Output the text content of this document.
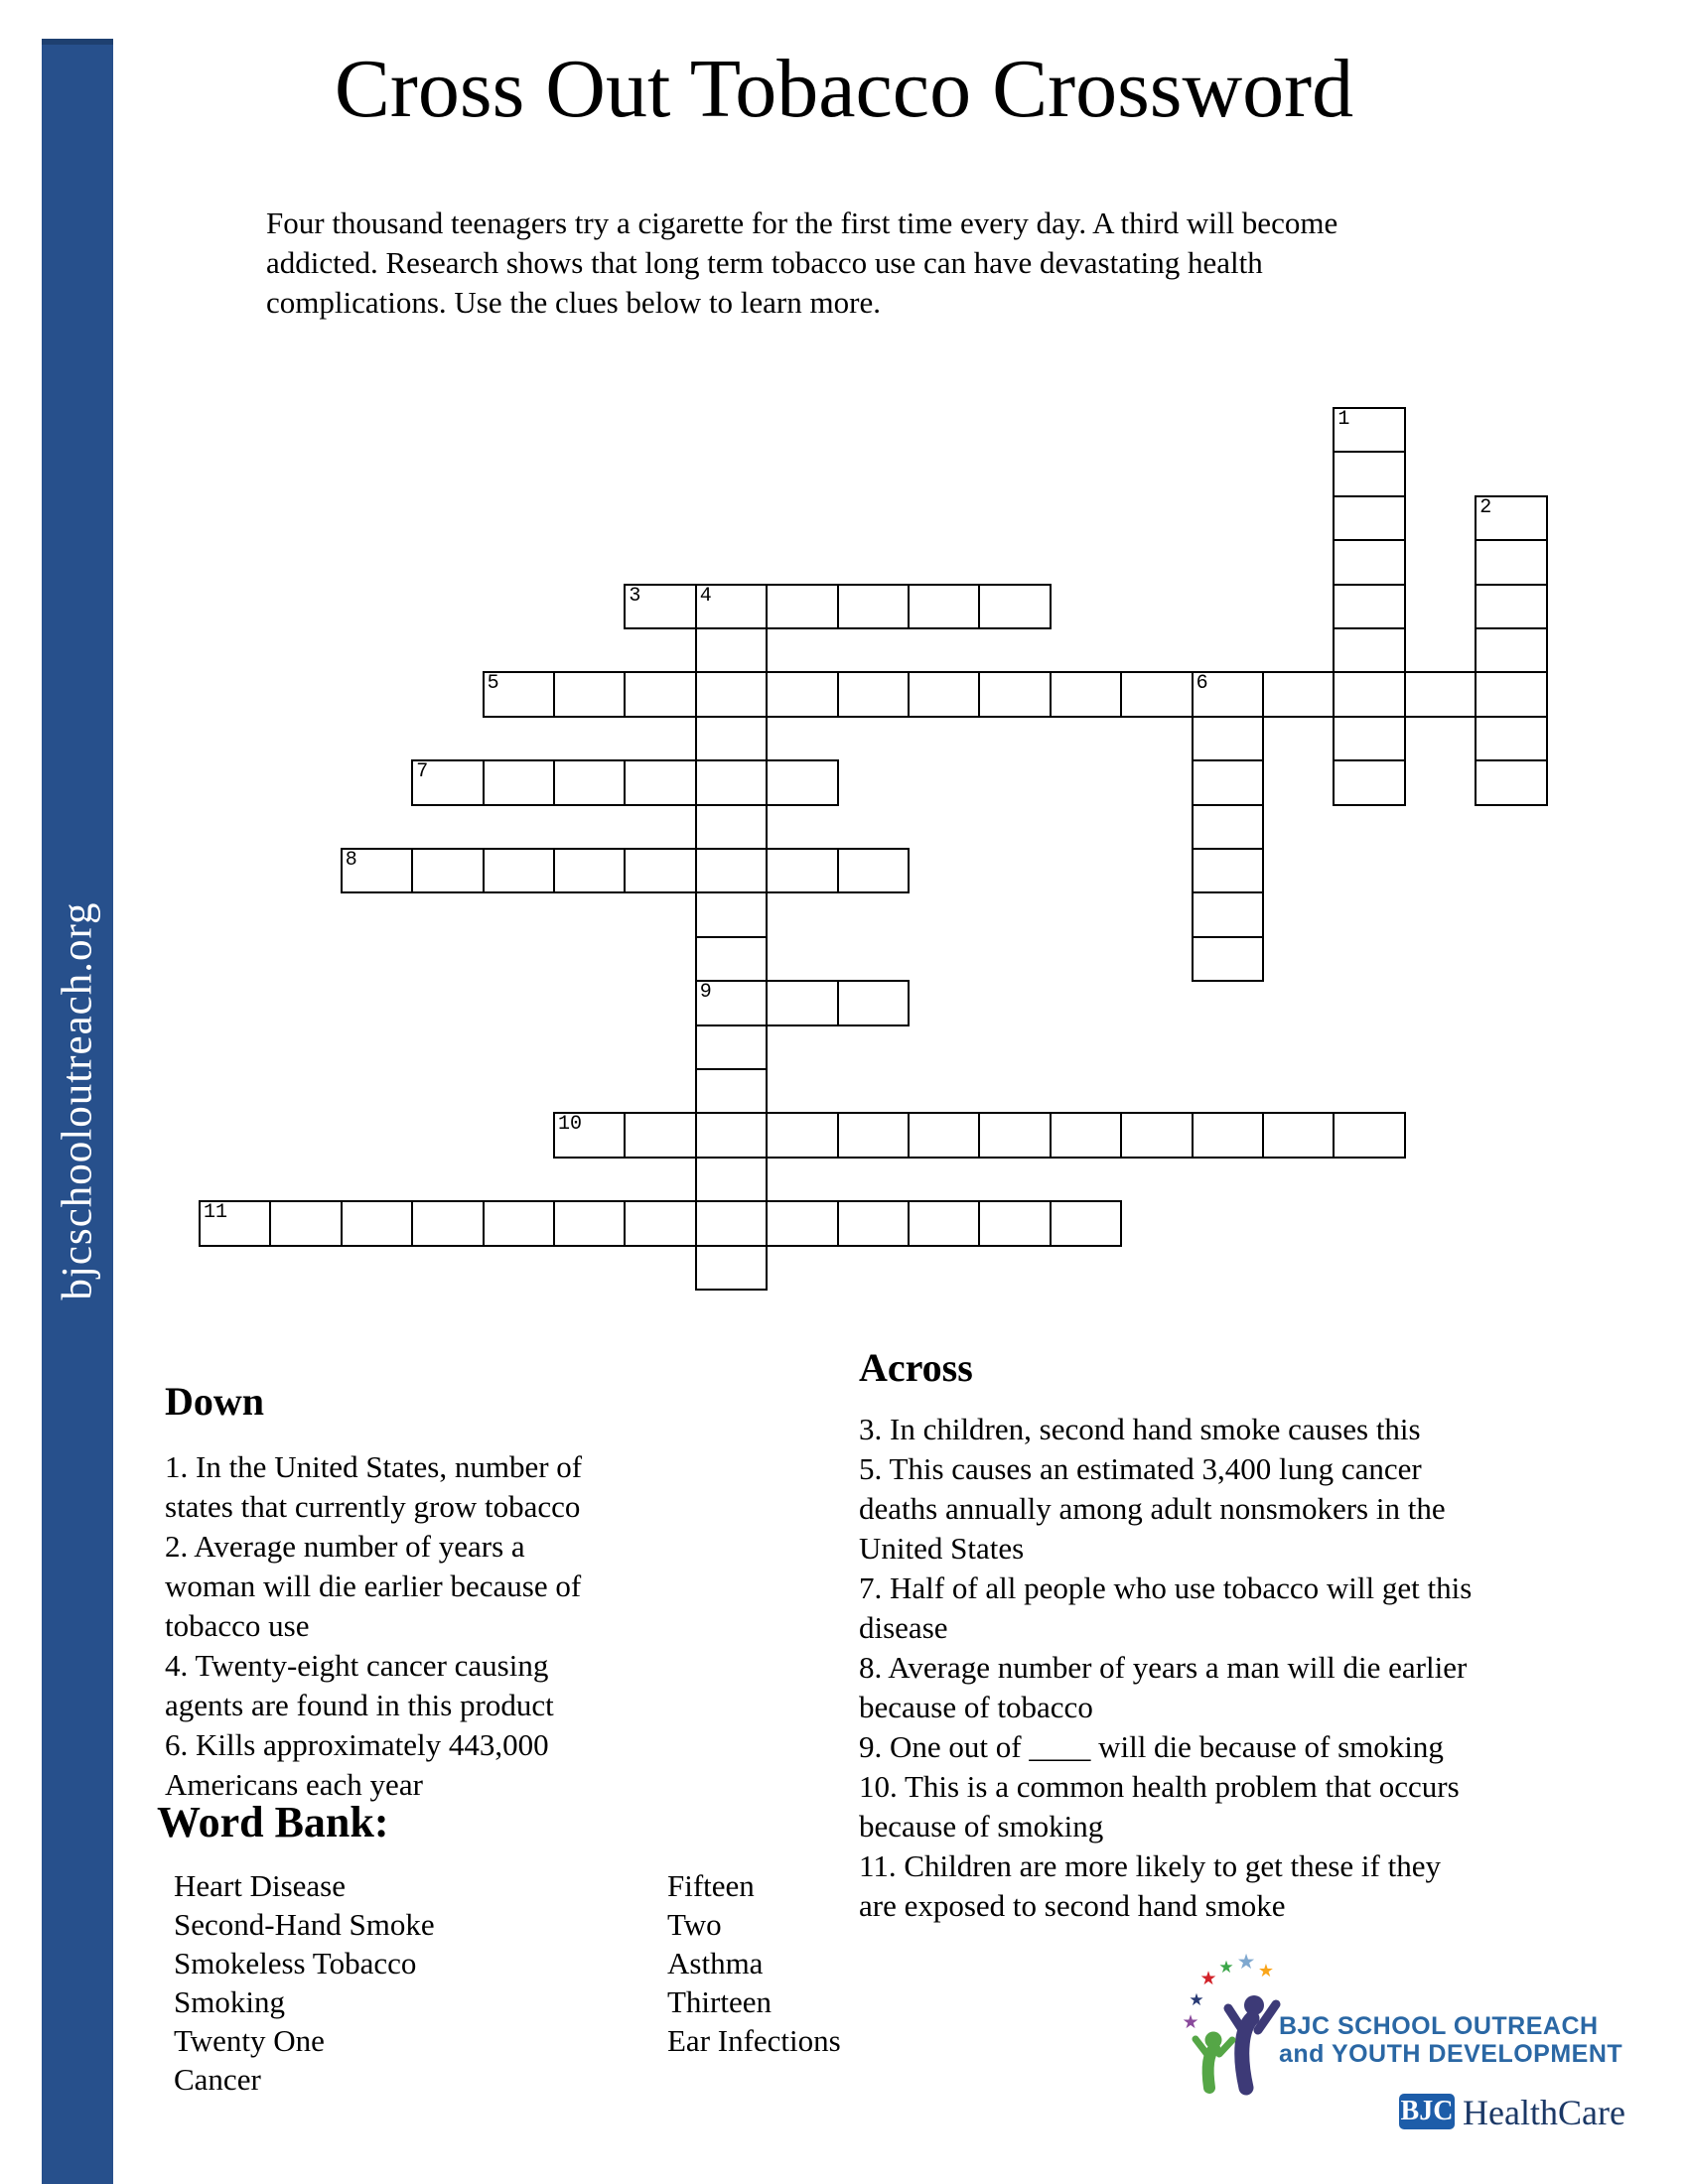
bjcschooloutreach.org
Cross Out Tobacco Crossword

Four thousand teenagers try a cigarette for the first time every day. A third will become addicted. Research shows that long term tobacco use can have devastating health complications. Use the clues below to learn more.

1
2
3	4
5	6
7
8
9
10
11
Down
1. In the United States, number of states that currently grow tobacco
2. Average number of years a woman will die earlier because of tobacco use
4. Twenty-eight cancer causing agents are found in this product
6. Kills approximately 443,000 Americans each year
Across
3. In children, second hand smoke causes this
5. This causes an estimated 3,400 lung cancer deaths annually among adult nonsmokers in the United States
7. Half of all people who use tobacco will get this disease
8. Average number of years a man will die earlier because of tobacco
9. One out of ____ will die because of smoking
10. This is a common health problem that occurs because of smoking
11. Children are more likely to get these if they are exposed to second hand smoke
Word Bank:
Heart Disease
Second-Hand Smoke
Smokeless Tobacco
Smoking
Twenty One
Cancer
Fifteen
Two
Asthma
Thirteen
Ear Infections
★
★
★ ★ ★ ★
BJC SCHOOL OUTREACH
and YOUTH DEVELOPMENT
BJC HealthCare
